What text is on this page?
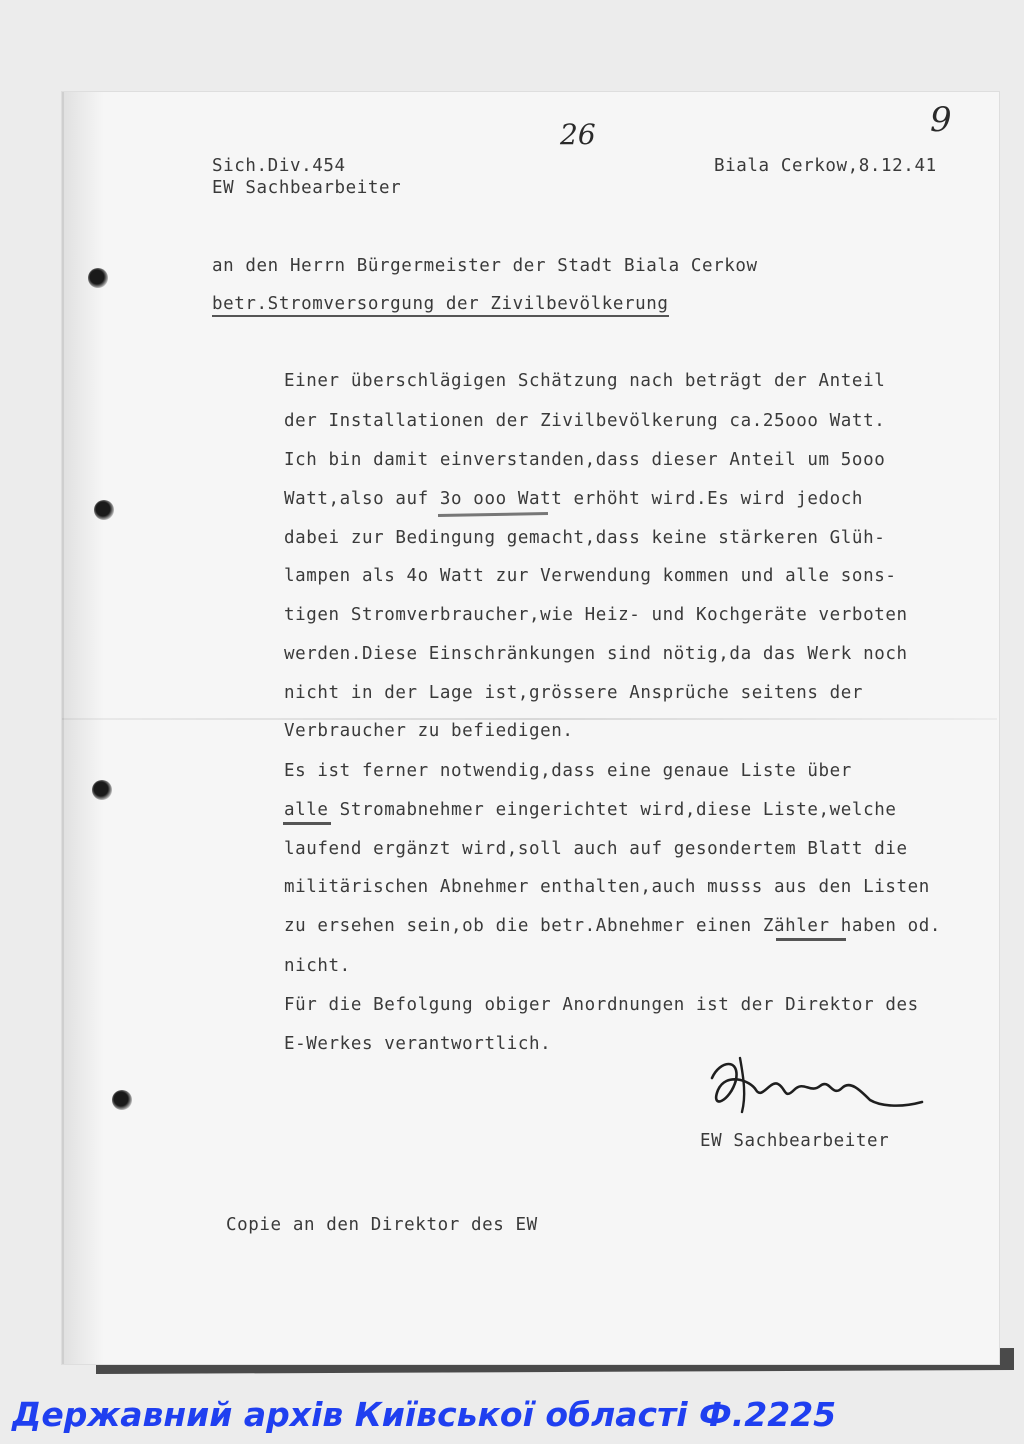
26	9
Sich.Div.454
EW Sachbearbeiter
Biala Cerkow,8.12.41
an den Herrn Bürgermeister der Stadt Biala Cerkow
betr.Stromversorgung der Zivilbevölkerung
Einer überschlägigen Schätzung nach beträgt der Anteil
der Installationen der Zivilbevölkerung ca.25ooo Watt.
Ich bin damit einverstanden,dass dieser Anteil um 5ooo
Watt,also auf 3o ooo Watt erhöht wird.Es wird jedoch
dabei zur Bedingung gemacht,dass keine stärkeren Glüh-
lampen als 4o Watt zur Verwendung kommen und alle sons-
tigen Stromverbraucher,wie Heiz- und Kochgeräte verboten
werden.Diese Einschränkungen sind nötig,da das Werk noch
nicht in der Lage ist,grössere Ansprüche seitens der
Verbraucher zu befiedigen.
Es ist ferner notwendig,dass eine genaue Liste über
alle Stromabnehmer eingerichtet wird,diese Liste,welche
laufend ergänzt wird,soll auch auf gesondertem Blatt die
militärischen Abnehmer enthalten,auch musss aus den Listen
zu ersehen sein,ob die betr.Abnehmer einen Zähler haben od.
nicht.
Für die Befolgung obiger Anordnungen ist der Direktor des
E-Werkes verantwortlich.
EW Sachbearbeiter
Copie an den Direktor des EW
Державний архів Київської області Ф.2225
